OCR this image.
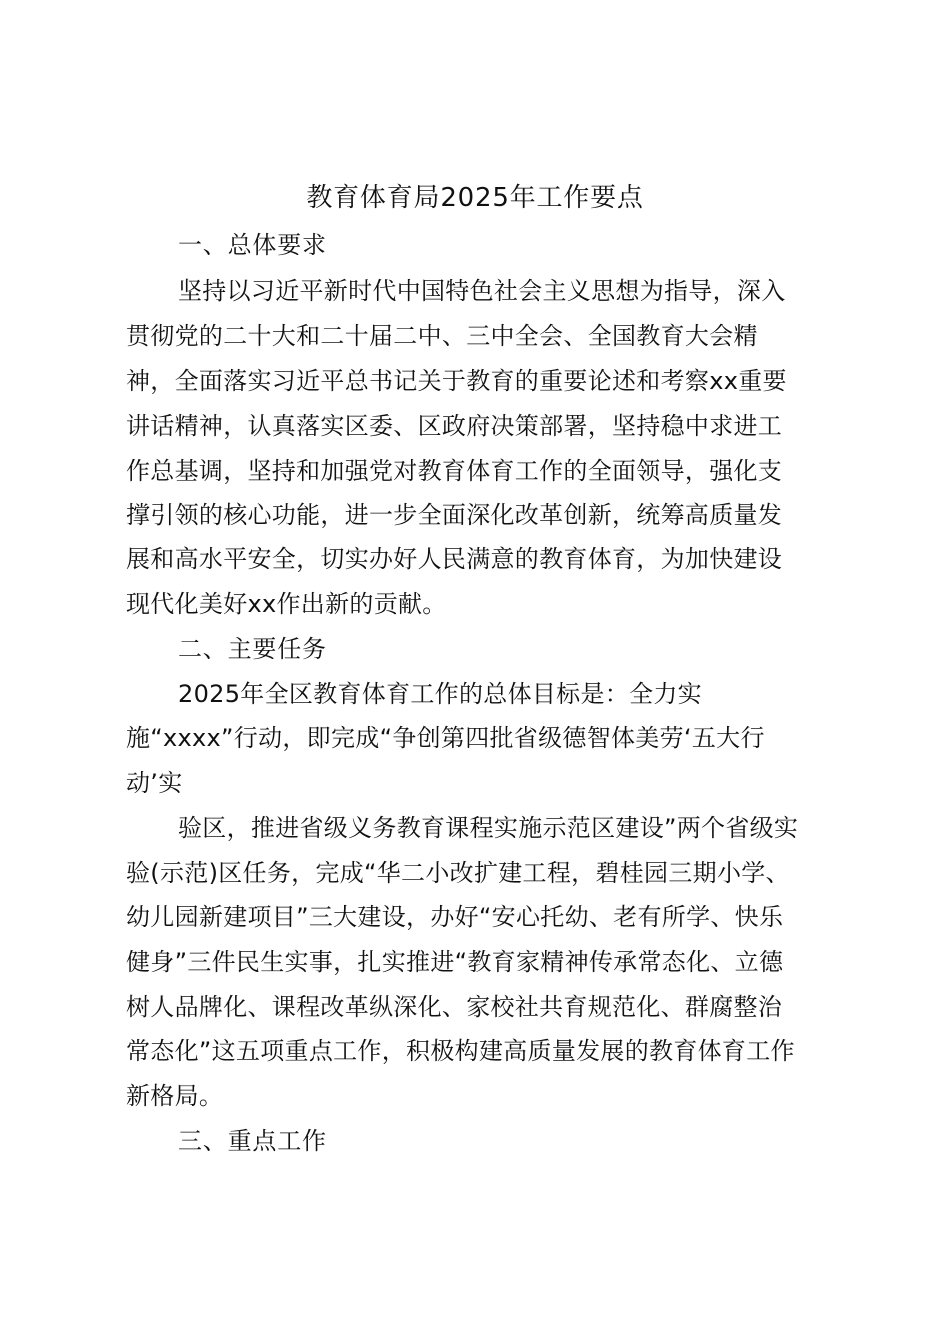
教育体育局2025年工作要点
一、总体要求
坚持以习近平新时代中国特色社会主义思想为指导，深入
贯彻党的二十大和二十届二中、三中全会、全国教育大会精
神，全面落实习近平总书记关于教育的重要论述和考察xx重要
讲话精神，认真落实区委、区政府决策部署，坚持稳中求进工
作总基调，坚持和加强党对教育体育工作的全面领导，强化支
撑引领的核心功能，进一步全面深化改革创新，统筹高质量发
展和高水平安全，切实办好人民满意的教育体育，为加快建设
现代化美好xx作出新的贡献。
二、主要任务
2025年全区教育体育工作的总体目标是：全力实
施“xxxx”行动，即完成“争创第四批省级德智体美劳‘五大行
动’实
验区，推进省级义务教育课程实施示范区建设”两个省级实
验(示范)区任务，完成“华二小改扩建工程，碧桂园三期小学、
幼儿园新建项目”三大建设，办好“安心托幼、老有所学、快乐
健身”三件民生实事，扎实推进“教育家精神传承常态化、立德
树人品牌化、课程改革纵深化、家校社共育规范化、群腐整治
常态化”这五项重点工作，积极构建高质量发展的教育体育工作
新格局。
三、重点工作
